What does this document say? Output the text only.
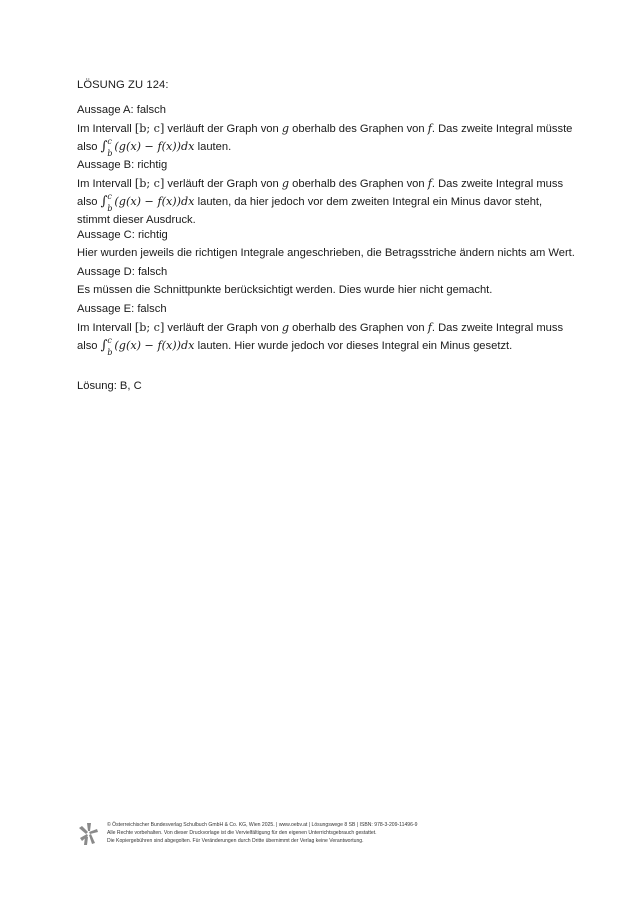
LÖSUNG ZU 124:

Aussage A: falsch

Im Intervall [b; c] verläuft der Graph von g oberhalb des Graphen von f. Das zweite Integral müsste

also ∫ c
b
(g(x) − f(x))dx lauten.

Aussage B: richtig

Im Intervall [b; c] verläuft der Graph von g oberhalb des Graphen von f. Das zweite Integral muss

also ∫ c
b
(g(x) − f(x))dx lauten, da hier jedoch vor dem zweiten Integral ein Minus davor steht,

stimmt dieser Ausdruck.

Aussage C: richtig

Hier wurden jeweils die richtigen Integrale angeschrieben, die Betragsstriche ändern nichts am Wert.

Aussage D: falsch

Es müssen die Schnittpunkte berücksichtigt werden. Dies wurde hier nicht gemacht.

Aussage E: falsch

Im Intervall [b; c] verläuft der Graph von g oberhalb des Graphen von f. Das zweite Integral muss

also ∫ c
b
(g(x) − f(x))dx lauten. Hier wurde jedoch vor dieses Integral ein Minus gesetzt.

Lösung: B, C
© Österreichischer Bundesverlag Schulbuch GmbH & Co. KG, Wien 2025. | www.oebv.at | Lösungswege 8 SB | ISBN: 978-3-209-11496-9
Alle Rechte vorbehalten. Von dieser Druckvorlage ist die Vervielfältigung für den eigenen Unterrichtsgebrauch gestattet.
Die Kopiergebühren sind abgegolten. Für Veränderungen durch Dritte übernimmt der Verlag keine Verantwortung.
